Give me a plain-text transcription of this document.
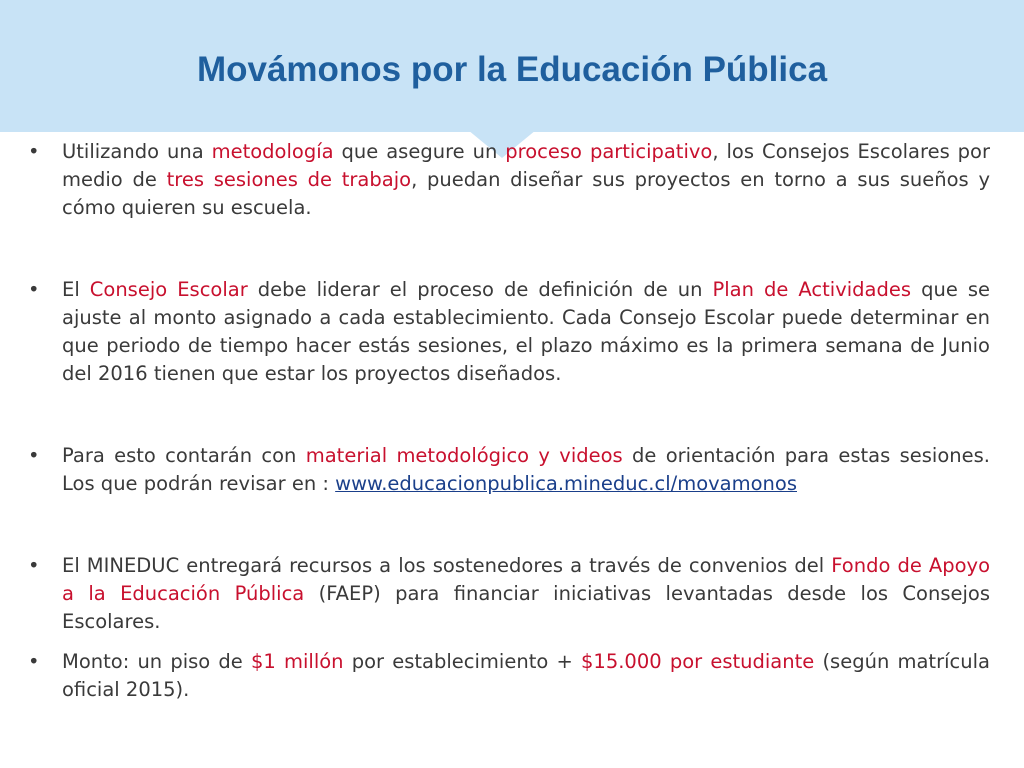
Movámonos por la Educación Pública
•	Utilizando una metodología que asegure un proceso participativo, los Consejos Escolares por medio de tres sesiones de trabajo, puedan diseñar sus proyectos en torno a sus sueños y cómo quieren su escuela.
•	El Consejo Escolar debe liderar el proceso de definición de un Plan de Actividades que se ajuste al monto asignado a cada establecimiento. Cada Consejo Escolar puede determinar en que periodo de tiempo hacer estás sesiones, el plazo máximo es la primera semana de Junio del 2016 tienen que estar los proyectos diseñados.
•	Para esto contarán con material metodológico y videos de orientación para estas sesiones. Los que podrán revisar en : www.educacionpublica.mineduc.cl/movamonos
•	El MINEDUC entregará recursos a los sostenedores a través de convenios del Fondo de Apoyo a la Educación Pública (FAEP) para financiar iniciativas levantadas desde los Consejos Escolares.
•	Monto: un piso de $1 millón por establecimiento + $15.000 por estudiante (según matrícula oficial 2015).
